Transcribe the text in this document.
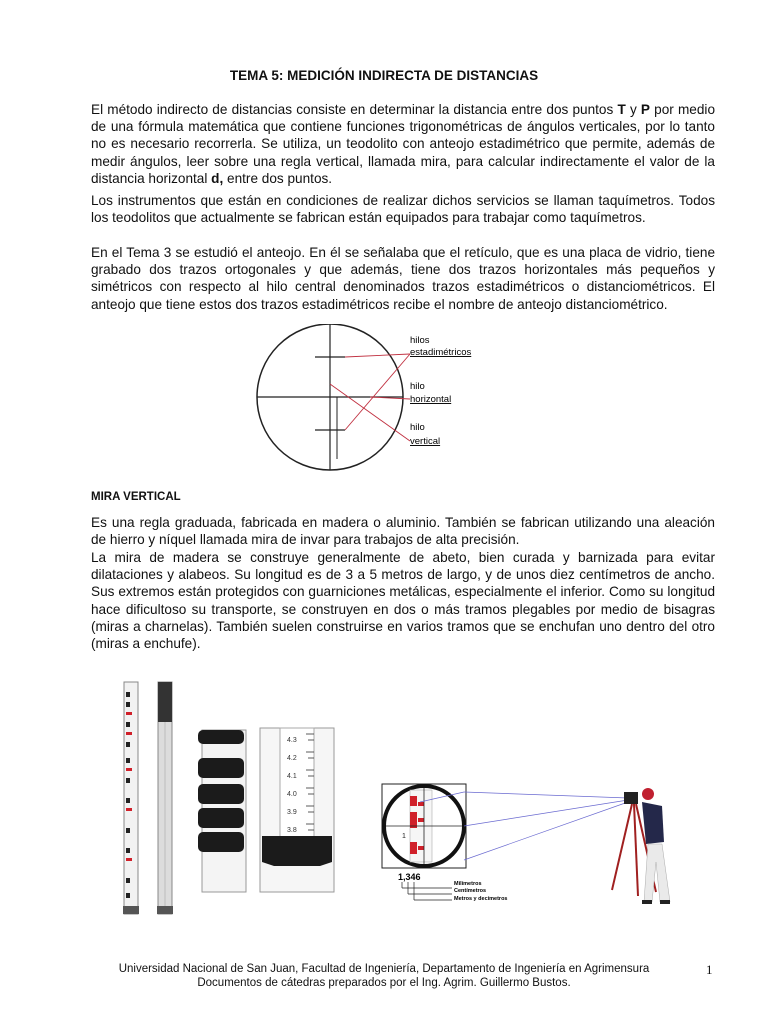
TEMA 5: MEDICIÓN INDIRECTA DE DISTANCIAS

El método indirecto de distancias consiste en determinar la distancia entre dos puntos T y P por medio de una fórmula matemática que contiene funciones trigonométricas de ángulos verticales, por lo tanto no es necesario recorrerla. Se utiliza, un teodolito con anteojo estadimétrico que permite, además de medir ángulos, leer sobre una regla vertical, llamada mira, para calcular indirectamente el valor de la distancia horizontal d, entre dos puntos.

Los instrumentos que están en condiciones de realizar dichos servicios se llaman taquímetros. Todos los teodolitos que actualmente se fabrican están equipados para trabajar como taquímetros.

En el Tema 3 se estudió el anteojo. En él se señalaba que el retículo, que es una placa de vidrio, tiene grabado dos trazos ortogonales y que además, tiene dos trazos horizontales más pequeños y simétricos con respecto al hilo central denominados trazos estadimétricos o distanciométricos. El anteojo que tiene estos dos trazos estadimétricos recibe el nombre de anteojo distanciométrico.

hilos
estadimétricos
hilo
horizontal
hilo
vertical
MIRA VERTICAL

Es una regla graduada, fabricada en madera o aluminio. También se fabrican utilizando una aleación de hierro y níquel llamada mira de invar para trabajos de alta precisión.

La mira de madera se construye generalmente de abeto, bien curada y barnizada para evitar dilataciones y alabeos. Su longitud es de 3 a 5 metros de largo, y de unos diez centímetros de ancho. Sus extremos están protegidos con guarniciones metálicas, especialmente el inferior. Como su longitud hace dificultoso su transporte, se construyen en dos o más tramos plegables por medio de bisagras (miras a charnelas). También suelen construirse en varios tramos que se enchufan uno dentro del otro (miras a enchufe).

4.3
4.2
4.1
4.0
3.9
3.8
1
1,346
Milímetros
Centímetros
Metros y decímetros
Universidad Nacional de San Juan, Facultad de Ingeniería, Departamento de Ingeniería en Agrimensura
Documentos de cátedras preparados por el Ing. Agrim. Guillermo Bustos.
1
